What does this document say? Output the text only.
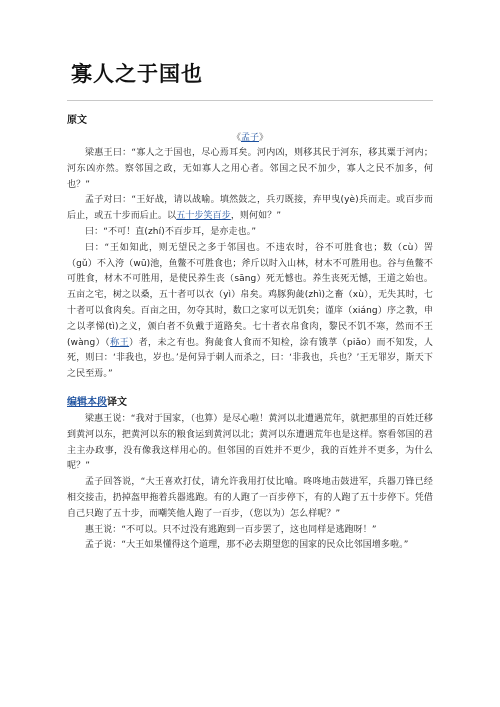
寡人之于国也
原文
《孟子》

梁惠王曰：“寡人之于国也，尽心焉耳矣。河内凶，则移其民于河东，移其粟于河内；河东凶亦然。察邻国之政，无如寡人之用心者。邻国之民不加少，寡人之民不加多，何也？”

孟子对曰：“王好战，请以战喻。填然鼓之，兵刃既接，弃甲曳(yè)兵而走。或百步而后止，或五十步而后止。以五十步笑百步，则何如？”

曰：“不可！直(zhí)不百步耳，是亦走也。”

曰：“王如知此，则无望民之多于邻国也。不违农时，谷不可胜食也；数（cù）罟（gǔ）不入洿（wū)池，鱼鳖不可胜食也；斧斤以时入山林，材木不可胜用也。谷与鱼鳖不可胜食，材木不可胜用，是使民养生丧（sāng）死无憾也。养生丧死无憾，王道之始也。五亩之宅，树之以桑，五十者可以衣（yì）帛矣。鸡豚狗彘(zhì)之畜（xù），无失其时，七十者可以食肉矣。百亩之田，勿夺其时，数口之家可以无饥矣；谨庠（xiáng）序之教，申之以孝悌(tì)之义，颁白者不负戴于道路矣。七十者衣帛食肉，黎民不饥不寒，然而不王(wàng）（称王）者，未之有也。狗彘食人食而不知检，涂有饿莩（piǎo）而不知发，人死，则曰：‘非我也，岁也。’是何异于刺人而杀之，曰：‘非我也，兵也？’王无罪岁，斯天下之民至焉。”

编辑本段译文

梁惠王说：“我对于国家，（也算）是尽心啦！黄河以北遭遇荒年，就把那里的百姓迁移到黄河以东，把黄河以东的粮食运到黄河以北；黄河以东遭遇荒年也是这样。察看邻国的君主主办政事，没有像我这样用心的。但邻国的百姓并不更少，我的百姓并不更多，为什么呢？”

孟子回答说，“大王喜欢打仗，请允许我用打仗比喻。咚咚地击鼓进军，兵器刀锋已经相交接击，扔掉盔甲拖着兵器逃跑。有的人跑了一百步停下，有的人跑了五十步停下。凭借自己只跑了五十步，而嘲笑他人跑了一百步，（您以为）怎么样呢？”

惠王说：“不可以。只不过没有逃跑到一百步罢了，这也同样是逃跑呀！”

孟子说：“大王如果懂得这个道理，那不必去期望您的国家的民众比邻国增多啦。”
